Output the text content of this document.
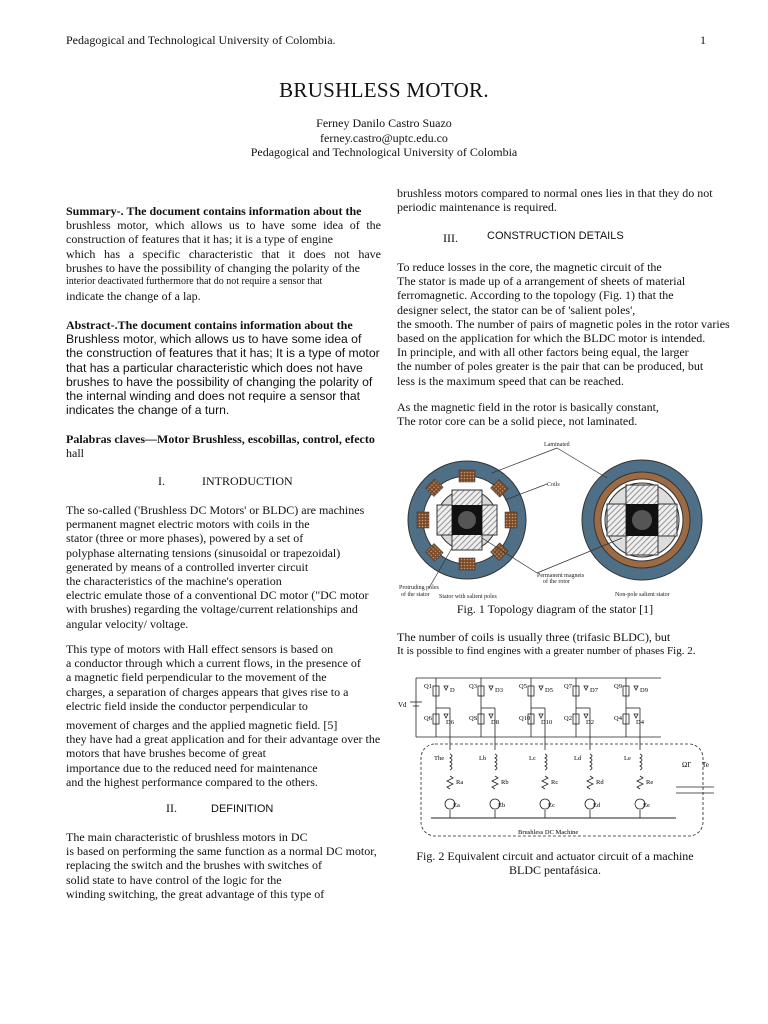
Pedagogical and Technological University of Colombia.	1
BRUSHLESS MOTOR.
Ferney Danilo Castro Suazo
ferney.castro@uptc.edu.co
Pedagogical and Technological University of Colombia
Summary-. The document contains information about the
brushless motor, which allows us to have some idea of the
construction of features that it has; it is a type of engine
which has a specific characteristic that it does not have
brushes to have the possibility of changing the polarity of the
interior deactivated furthermore that do not require a sensor that
indicate the change of a lap.
Abstract-.The document contains information about the
Brushless motor, which allows us to have some idea of
the construction of features that it has; It is a type of motor
that has a particular characteristic which does not have
brushes to have the possibility of changing the polarity of
the internal winding and does not require a sensor that
indicates the change of a turn.
Palabras claves—Motor Brushless, escobillas, control, efecto
hall
I.	INTRODUCTION
The so-called ('Brushless DC Motors' or BLDC) are machines
permanent magnet electric motors with coils in the
stator (three or more phases), powered by a set of
polyphase alternating tensions (sinusoidal or trapezoidal)
generated by means of a controlled inverter circuit
the characteristics of the machine's operation
electric emulate those of a conventional DC motor ("DC motor
with brushes) regarding the voltage/current relationships and
angular velocity/ voltage.
This type of motors with Hall effect sensors is based on
a conductor through which a current flows, in the presence of
a magnetic field perpendicular to the movement of the
charges, a separation of charges appears that gives rise to a
electric field inside the conductor perpendicular to
movement of charges and the applied magnetic field. [5]
they have had a great application and for their advantage over the
motors that have brushes become of great
importance due to the reduced need for maintenance
and the highest performance compared to the others.
II.	DEFINITION
The main characteristic of brushless motors in DC
is based on performing the same function as a normal DC motor,
replacing the switch and the brushes with switches of
solid state to have control of the logic for the
winding switching, the great advantage of this type of
brushless motors compared to normal ones lies in that they do not
periodic maintenance is required.
III.	CONSTRUCTION DETAILS
To reduce losses in the core, the magnetic circuit of the
The stator is made up of a arrangement of sheets of material
ferromagnetic. According to the topology (Fig. 1) that the
designer select, the stator can be of 'salient poles',
the smooth. The number of pairs of magnetic poles in the rotor varies
based on the application for which the BLDC motor is intended.
In principle, and with all other factors being equal, the larger
the number of poles greater is the pair that can be produced, but
less is the maximum speed that can be reached.
As the magnetic field in the rotor is basically constant,
The rotor core can be a solid piece, not laminated.
Laminated
Coils
Protruding poles
of the stator
Permanent magnets
of the rotor
Stator with salient poles	Non-pole salient stator
Fig. 1 Topology diagram of the stator [1]
The number of coils is usually three (trifasic BLDC), but
It is possible to find engines with a greater number of phases Fig. 2.
Q1
Q6
D
D6
The
Ra
Ea
Q3
QS
D3
D8
Lb
Rb
Eb
Q5
Q10
D5
D10
Lc
Rc
Ec
Q7
Q2
D7
D2
Ld
Rd
Ed
Q9
Q4
D9
D4
Le
Re
Ee
Vd
ΩΓ Te
Brushless DC Machine
Fig. 2 Equivalent circuit and actuator circuit of a machine
BLDC pentafásica.
